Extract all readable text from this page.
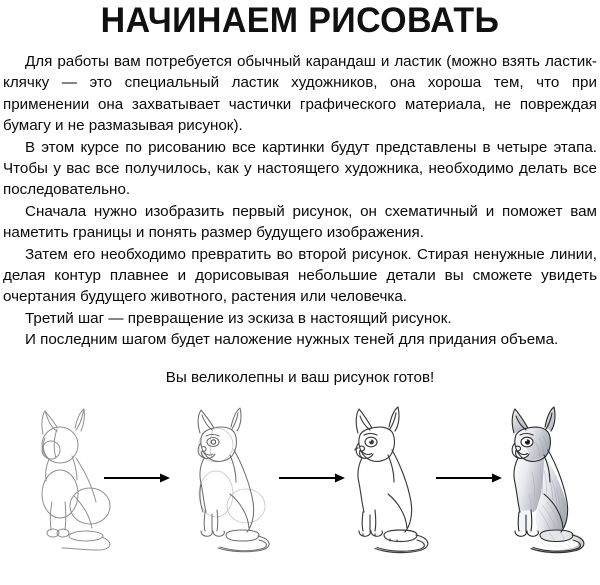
НАЧИНАЕМ РИСОВАТЬ

Для работы вам потребуется обычный карандаш и ластик (можно взять ластик-клячку — это специальный ластик художников, она хороша тем, что при применении она захватывает частички графического материала, не повреждая бумагу и не размазывая рисунок).

В этом курсе по рисованию все картинки будут представлены в четыре этапа. Чтобы у вас все получилось, как у настоящего художника, необходимо делать все последовательно.

Сначала нужно изобразить первый рисунок, он схематичный и поможет вам наметить границы и понять размер будущего изображения.

Затем его необходимо превратить во второй рисунок. Стирая ненужные линии, делая контур плавнее и дорисовывая небольшие детали вы сможете увидеть очертания будущего животного, растения или человечка.

Третий шаг — превращение из эскиза в настоящий рисунок.

И последним шагом будет наложение нужных теней для придания объема.

Вы великолепны и ваш рисунок готов!
